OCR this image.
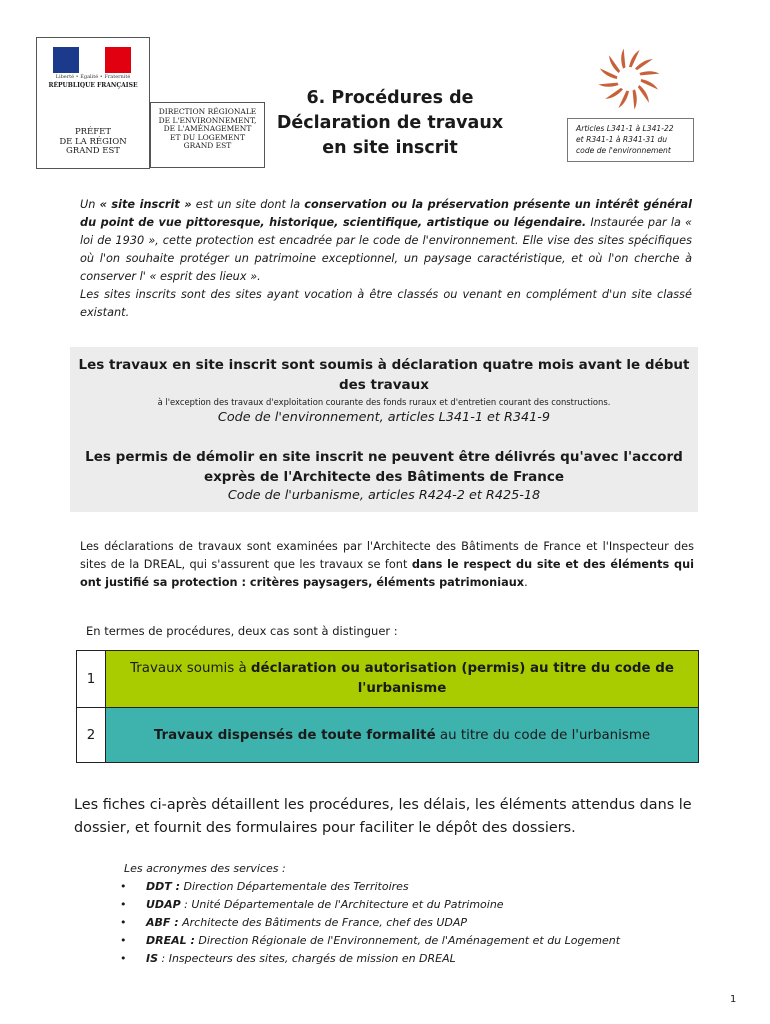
Liberté • Égalité • Fraternité
RÉPUBLIQUE FRANÇAISE
PRÉFET
DE LA RÉGION
GRAND EST
DIRECTION RÉGIONALE
DE L'ENVIRONNEMENT,
DE L'AMÉNAGEMENT
ET DU LOGEMENT
GRAND EST
6. Procédures de
Déclaration de travaux
en site inscrit
Articles L341-1 à L341-22
et R341-1 à R341-31 du
code de l'environnement
Un « site inscrit » est un site dont la conservation ou la préservation présente un intérêt général du point de vue pittoresque, historique, scientifique, artistique ou légendaire. Instaurée par la « loi de 1930 », cette protection est encadrée par le code de l'environnement. Elle vise des sites spécifiques où l'on souhaite protéger un patrimoine exceptionnel, un paysage caractéristique, et où l'on cherche à conserver l' « esprit des lieux ».
Les sites inscrits sont des sites ayant vocation à être classés ou venant en complément d'un site classé existant.
Les travaux en site inscrit sont soumis à déclaration quatre mois avant le début des travaux
à l'exception des travaux d'exploitation courante des fonds ruraux et d'entretien courant des constructions.
Code de l'environnement, articles L341-1 et R341-9
Les permis de démolir en site inscrit ne peuvent être délivrés qu'avec l'accord exprès de l'Architecte des Bâtiments de France
Code de l'urbanisme, articles R424-2 et R425-18
Les déclarations de travaux sont examinées par l'Architecte des Bâtiments de France et l'Inspecteur des sites de la DREAL, qui s'assurent que les travaux se font dans le respect du site et des éléments qui ont justifié sa protection : critères paysagers, éléments patrimoniaux.
En termes de procédures, deux cas sont à distinguer :
1	Travaux soumis à déclaration ou autorisation (permis) au titre du code de l'urbanisme
2	Travaux dispensés de toute formalité au titre du code de l'urbanisme
Les fiches ci-après détaillent les procédures, les délais, les éléments attendus dans le dossier, et fournit des formulaires pour faciliter le dépôt des dossiers.
Les acronymes des services :
• DDT : Direction Départementale des Territoires
• UDAP : Unité Départementale de l'Architecture et du Patrimoine
• ABF : Architecte des Bâtiments de France, chef des UDAP
• DREAL : Direction Régionale de l'Environnement, de l'Aménagement et du Logement
• IS : Inspecteurs des sites, chargés de mission en DREAL
1
